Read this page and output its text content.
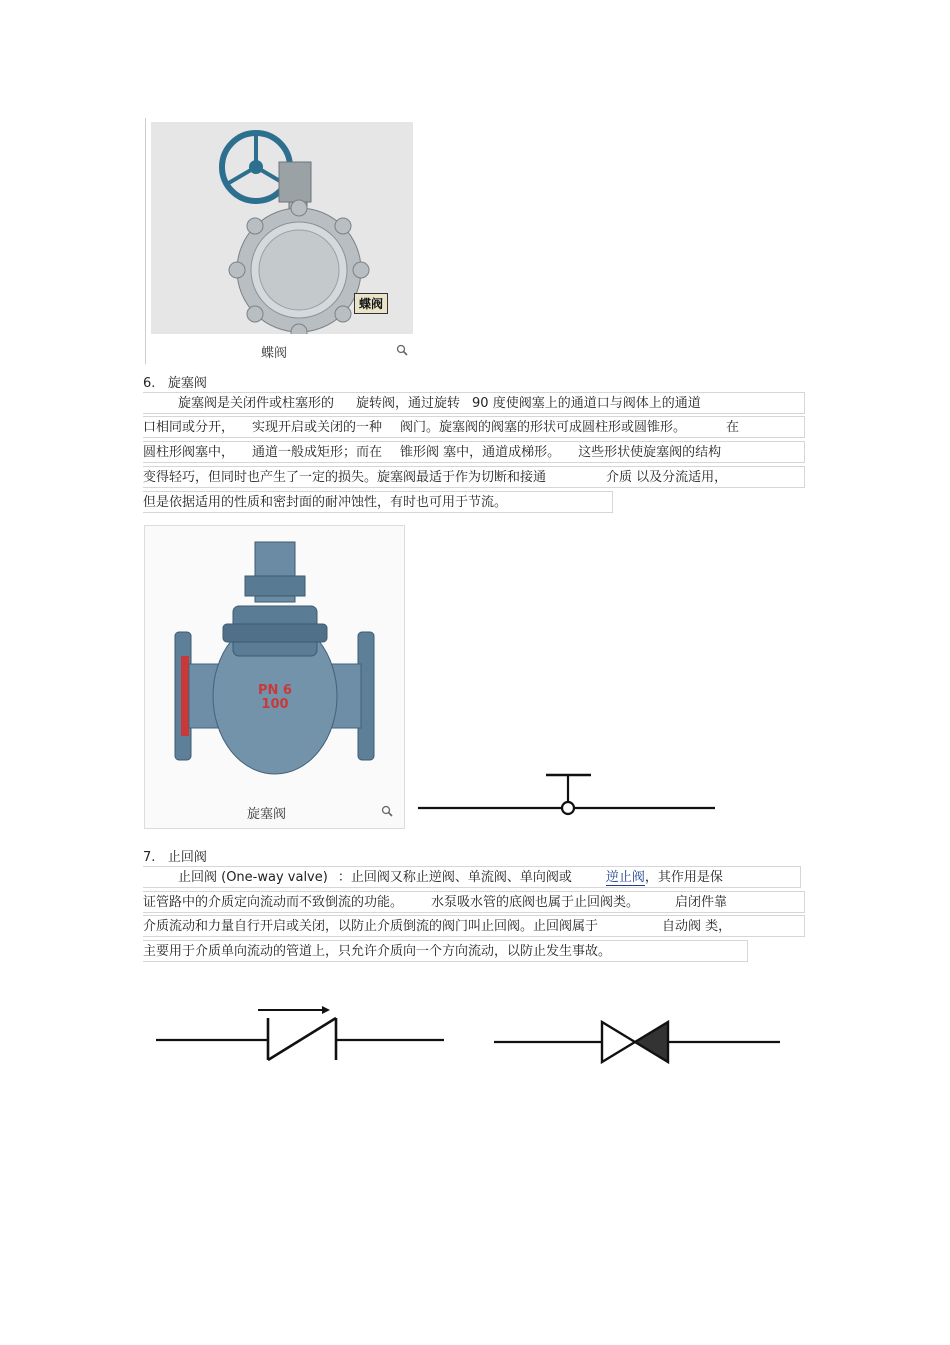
蝶阀
蝶阀
6. 旋塞阀
旋塞阀是关闭件或柱塞形的 旋转阀，通过旋转 90 度使阀塞上的通道口与阀体上的通道
口相同或分开， 实现开启或关闭的一种 阀门。旋塞阀的阀塞的形状可成圆柱形或圆锥形。	在
圆柱形阀塞中， 通道一般成矩形；而在 锥形阀 塞中，通道成梯形。 这些形状使旋塞阀的结构
变得轻巧，但同时也产生了一定的损失。旋塞阀最适于作为切断和接通	介质 以及分流适用，
但是依据适用的性质和密封面的耐冲蚀性，有时也可用于节流。
PN 6 100
旋塞阀
7. 止回阀
止回阀 (One-way valve) ：止回阀又称止逆阀、单流阀、单向阀或	逆止阀，其作用是保
证管路中的介质定向流动而不致倒流的功能。 水泵吸水管的底阀也属于止回阀类。	启闭件靠
介质流动和力量自行开启或关闭，以防止介质倒流的阀门叫止回阀。止回阀属于	自动阀 类，
主要用于介质单向流动的管道上，只允许介质向一个方向流动，以防止发生事故。
